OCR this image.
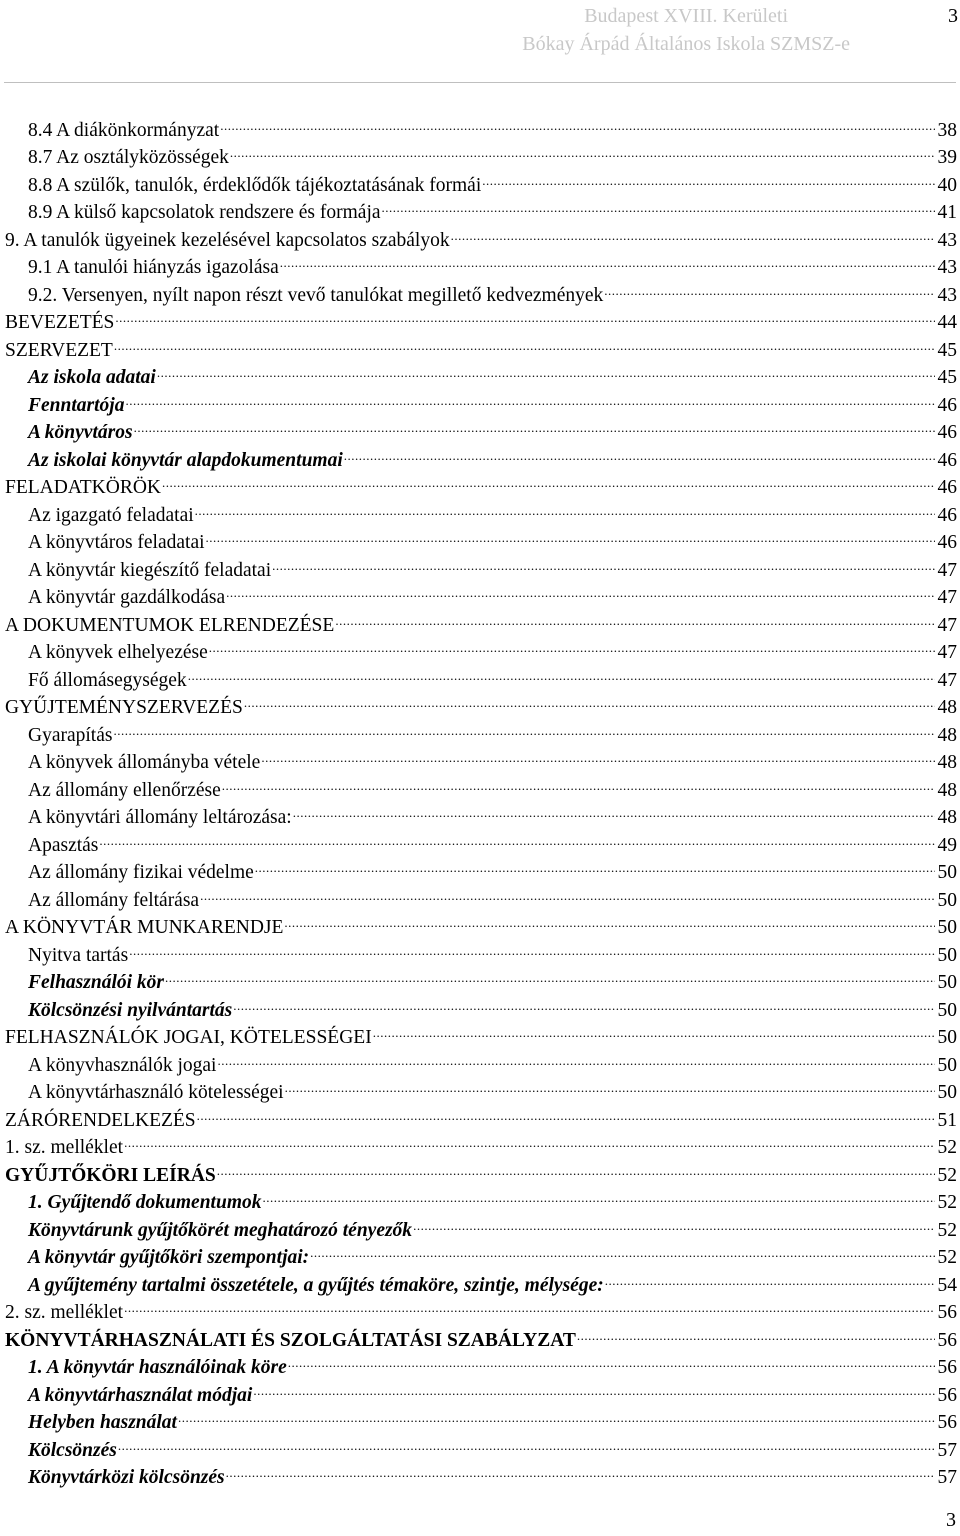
Budapest XVIII. Kerületi
Bókay Árpád Általános Iskola SZMSZ-e
3
8.4 A diákönkormányzat .....	38
8.7 Az osztályközösségek .....	39
8.8 A szülők, tanulók, érdeklődők tájékoztatásának formái .....	40
8.9 A külső kapcsolatok rendszere és formája .....	41
9. A tanulók ügyeinek kezelésével kapcsolatos szabályok .....	43
9.1 A tanulói hiányzás igazolása .....	43
9.2. Versenyen, nyílt napon részt vevő tanulókat megillető kedvezmények .....	43
BEVEZETÉS .....	44
SZERVEZET .....	45
Az iskola adatai .....	45
Fenntartója .....	46
A könyvtáros .....	46
Az iskolai könyvtár alapdokumentumai .....	46
FELADATKÖRÖK .....	46
Az igazgató feladatai .....	46
A könyvtáros feladatai .....	46
A könyvtár kiegészítő feladatai .....	47
A könyvtár gazdálkodása .....	47
A DOKUMENTUMOK ELRENDEZÉSE .....	47
A könyvek elhelyezése .....	47
Fő állomásegységek .....	47
GYŰJTEMÉNYSZERVEZÉS .....	48
Gyarapítás .....	48
A könyvek állományba vétele .....	48
Az állomány ellenőrzése .....	48
A könyvtári állomány leltározása: .....	48
Apasztás .....	49
Az állomány fizikai védelme .....	50
Az állomány feltárása .....	50
A KÖNYVTÁR MUNKARENDJE .....	50
Nyitva tartás .....	50
Felhasználói kör .....	50
Kölcsönzési nyilvántartás .....	50
FELHASZNÁLÓK JOGAI, KÖTELESSÉGEI .....	50
A könyvhasználók jogai .....	50
A könyvtárhasználó kötelességei .....	50
ZÁRÓRENDELKEZÉS .....	51
1. sz. melléklet .....	52
GYŰJTŐKÖRI LEÍRÁS .....	52
1. Gyűjtendő dokumentumok .....	52
Könyvtárunk gyűjtőkörét meghatározó tényezők .....	52
A könyvtár gyűjtőköri szempontjai: .....	52
A gyűjtemény tartalmi összetétele, a gyűjtés témaköre, szintje, mélysége: .....	54
2. sz. melléklet .....	56
KÖNYVTÁRHASZNÁLATI ÉS SZOLGÁLTATÁSI SZABÁLYZAT .....	56
1. A könyvtár használóinak köre .....	56
A könyvtárhasználat módjai .....	56
Helyben használat .....	56
Kölcsönzés .....	57
Könyvtárközi kölcsönzés .....	57
3
